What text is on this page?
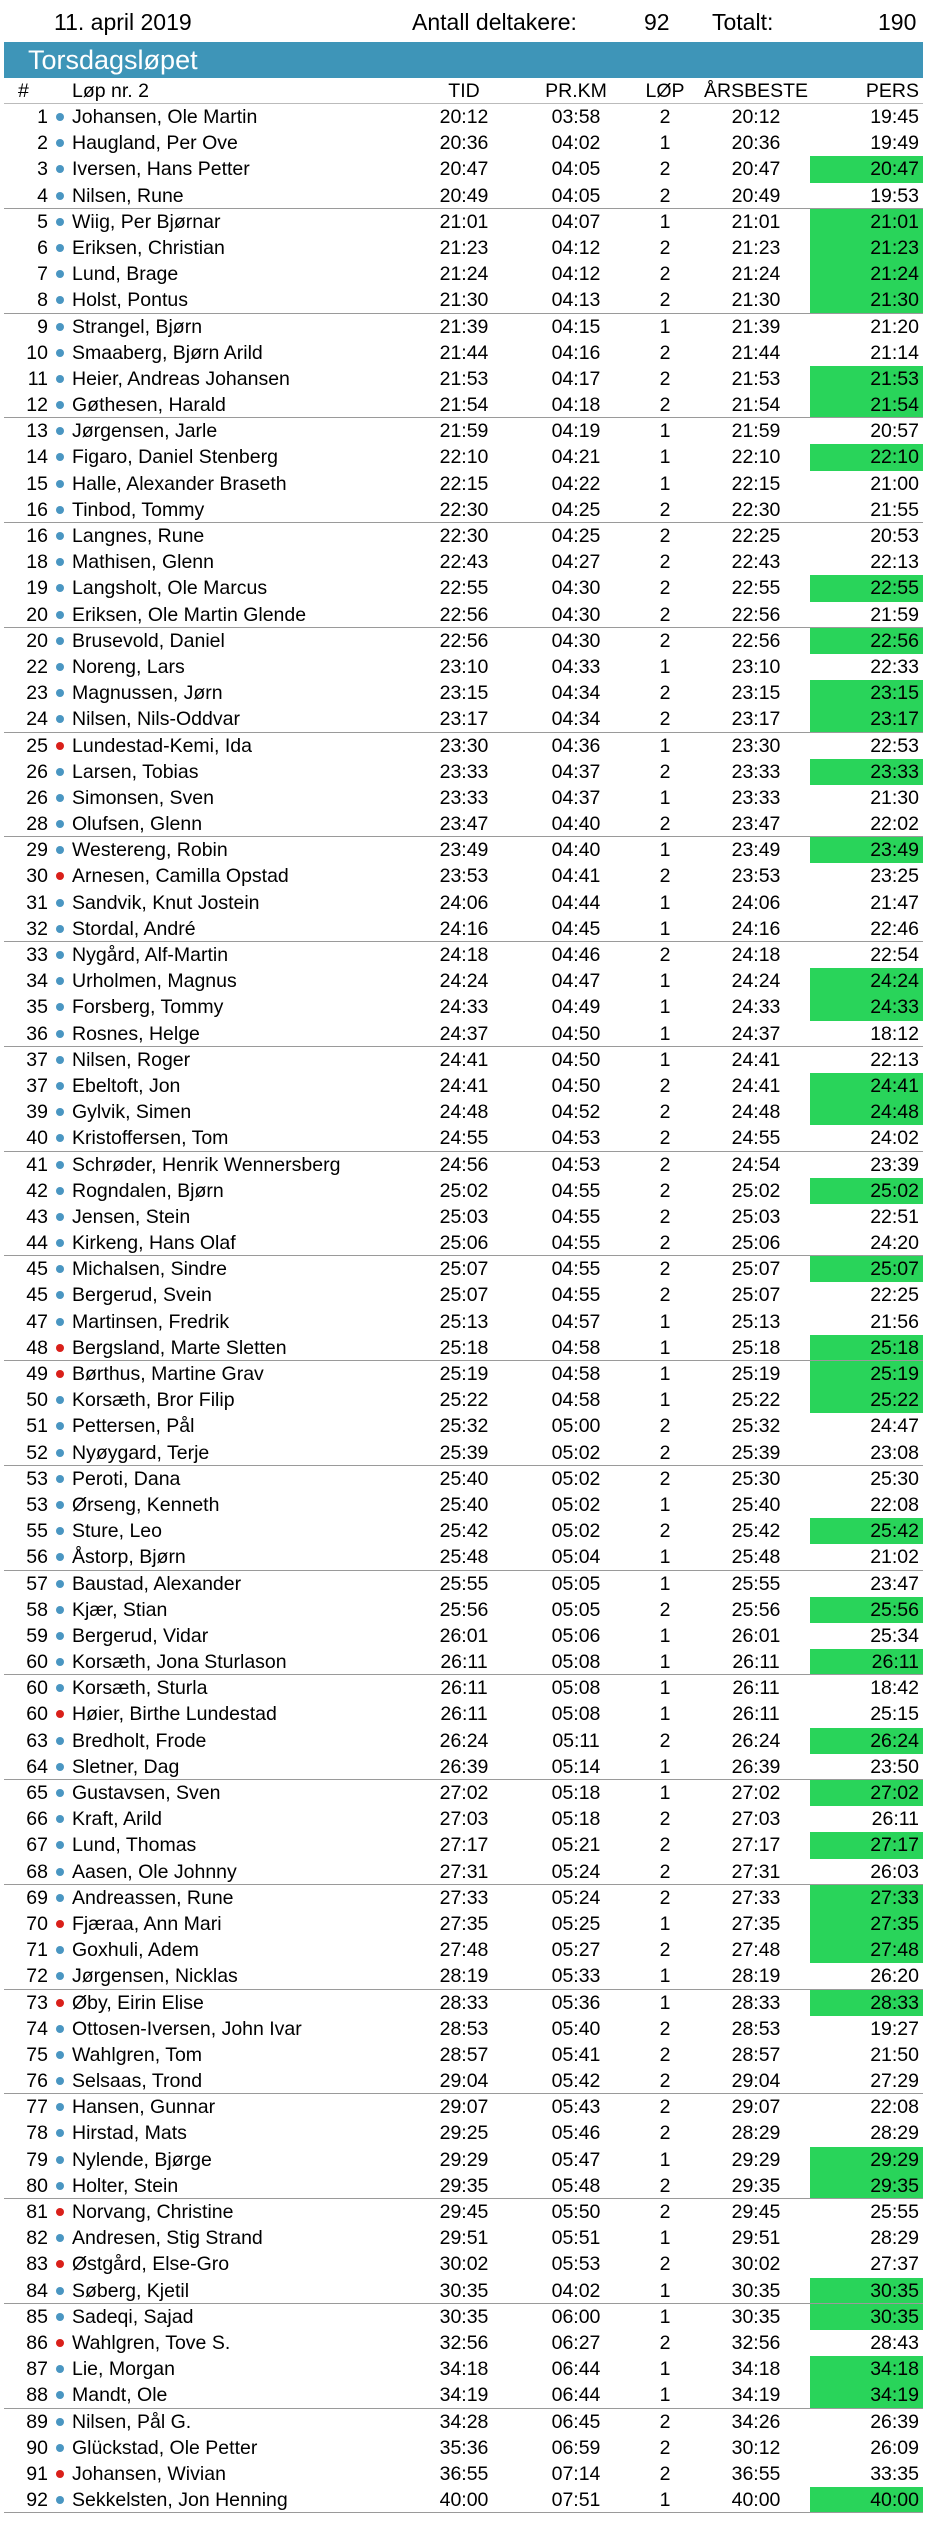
11. april 2019	Antall deltakere:	92 Totalt:	190
Torsdagsløpet
# Løp nr. 2	TID	PR.KM	LØP ÅRSBESTE	PERS
1 Johansen, Ole Martin	20:12	03:58	2	20:12	19:45
2 Haugland, Per Ove	20:36	04:02	1	20:36	19:49
3 Iversen, Hans Petter	20:47	04:05	2	20:47	20:47
4 Nilsen, Rune	20:49	04:05	2	20:49	19:53
5 Wiig, Per Bjørnar	21:01	04:07	1	21:01	21:01
6 Eriksen, Christian	21:23	04:12	2	21:23	21:23
7 Lund, Brage	21:24	04:12	2	21:24	21:24
8 Holst, Pontus	21:30	04:13	2	21:30	21:30
9 Strangel, Bjørn	21:39	04:15	1	21:39	21:20
10 Smaaberg, Bjørn Arild	21:44	04:16	2	21:44	21:14
11 Heier, Andreas Johansen	21:53	04:17	2	21:53	21:53
12 Gøthesen, Harald	21:54	04:18	2	21:54	21:54
13 Jørgensen, Jarle	21:59	04:19	1	21:59	20:57
14 Figaro, Daniel Stenberg	22:10	04:21	1	22:10	22:10
15 Halle, Alexander Braseth	22:15	04:22	1	22:15	21:00
16 Tinbod, Tommy	22:30	04:25	2	22:30	21:55
16 Langnes, Rune	22:30	04:25	2	22:25	20:53
18 Mathisen, Glenn	22:43	04:27	2	22:43	22:13
19 Langsholt, Ole Marcus	22:55	04:30	2	22:55	22:55
20 Eriksen, Ole Martin Glende	22:56	04:30	2	22:56	21:59
20 Brusevold, Daniel	22:56	04:30	2	22:56	22:56
22 Noreng, Lars	23:10	04:33	1	23:10	22:33
23 Magnussen, Jørn	23:15	04:34	2	23:15	23:15
24 Nilsen, Nils-Oddvar	23:17	04:34	2	23:17	23:17
25 Lundestad-Kemi, Ida	23:30	04:36	1	23:30	22:53
26 Larsen, Tobias	23:33	04:37	2	23:33	23:33
26 Simonsen, Sven	23:33	04:37	1	23:33	21:30
28 Olufsen, Glenn	23:47	04:40	2	23:47	22:02
29 Westereng, Robin	23:49	04:40	1	23:49	23:49
30 Arnesen, Camilla Opstad	23:53	04:41	2	23:53	23:25
31 Sandvik, Knut Jostein	24:06	04:44	1	24:06	21:47
32 Stordal, André	24:16	04:45	1	24:16	22:46
33 Nygård, Alf-Martin	24:18	04:46	2	24:18	22:54
34 Urholmen, Magnus	24:24	04:47	1	24:24	24:24
35 Forsberg, Tommy	24:33	04:49	1	24:33	24:33
36 Rosnes, Helge	24:37	04:50	1	24:37	18:12
37 Nilsen, Roger	24:41	04:50	1	24:41	22:13
37 Ebeltoft, Jon	24:41	04:50	2	24:41	24:41
39 Gylvik, Simen	24:48	04:52	2	24:48	24:48
40 Kristoffersen, Tom	24:55	04:53	2	24:55	24:02
41 Schrøder, Henrik Wennersberg	24:56	04:53	2	24:54	23:39
42 Rogndalen, Bjørn	25:02	04:55	2	25:02	25:02
43 Jensen, Stein	25:03	04:55	2	25:03	22:51
44 Kirkeng, Hans Olaf	25:06	04:55	2	25:06	24:20
45 Michalsen, Sindre	25:07	04:55	2	25:07	25:07
45 Bergerud, Svein	25:07	04:55	2	25:07	22:25
47 Martinsen, Fredrik	25:13	04:57	1	25:13	21:56
48 Bergsland, Marte Sletten	25:18	04:58	1	25:18	25:18
49 Børthus, Martine Grav	25:19	04:58	1	25:19	25:19
50 Korsæth, Bror Filip	25:22	04:58	1	25:22	25:22
51 Pettersen, Pål	25:32	05:00	2	25:32	24:47
52 Nyøygard, Terje	25:39	05:02	2	25:39	23:08
53 Peroti, Dana	25:40	05:02	2	25:30	25:30
53 Ørseng, Kenneth	25:40	05:02	1	25:40	22:08
55 Sture, Leo	25:42	05:02	2	25:42	25:42
56 Åstorp, Bjørn	25:48	05:04	1	25:48	21:02
57 Baustad, Alexander	25:55	05:05	1	25:55	23:47
58 Kjær, Stian	25:56	05:05	2	25:56	25:56
59 Bergerud, Vidar	26:01	05:06	1	26:01	25:34
60 Korsæth, Jona Sturlason	26:11	05:08	1	26:11	26:11
60 Korsæth, Sturla	26:11	05:08	1	26:11	18:42
60 Høier, Birthe Lundestad	26:11	05:08	1	26:11	25:15
63 Bredholt, Frode	26:24	05:11	2	26:24	26:24
64 Sletner, Dag	26:39	05:14	1	26:39	23:50
65 Gustavsen, Sven	27:02	05:18	1	27:02	27:02
66 Kraft, Arild	27:03	05:18	2	27:03	26:11
67 Lund, Thomas	27:17	05:21	2	27:17	27:17
68 Aasen, Ole Johnny	27:31	05:24	2	27:31	26:03
69 Andreassen, Rune	27:33	05:24	2	27:33	27:33
70 Fjæraa, Ann Mari	27:35	05:25	1	27:35	27:35
71 Goxhuli, Adem	27:48	05:27	2	27:48	27:48
72 Jørgensen, Nicklas	28:19	05:33	1	28:19	26:20
73 Øby, Eirin Elise	28:33	05:36	1	28:33	28:33
74 Ottosen-Iversen, John Ivar	28:53	05:40	2	28:53	19:27
75 Wahlgren, Tom	28:57	05:41	2	28:57	21:50
76 Selsaas, Trond	29:04	05:42	2	29:04	27:29
77 Hansen, Gunnar	29:07	05:43	2	29:07	22:08
78 Hirstad, Mats	29:25	05:46	2	28:29	28:29
79 Nylende, Bjørge	29:29	05:47	1	29:29	29:29
80 Holter, Stein	29:35	05:48	2	29:35	29:35
81 Norvang, Christine	29:45	05:50	2	29:45	25:55
82 Andresen, Stig Strand	29:51	05:51	1	29:51	28:29
83 Østgård, Else-Gro	30:02	05:53	2	30:02	27:37
84 Søberg, Kjetil	30:35	04:02	1	30:35	30:35
85 Sadeqi, Sajad	30:35	06:00	1	30:35	30:35
86 Wahlgren, Tove S.	32:56	06:27	2	32:56	28:43
87 Lie, Morgan	34:18	06:44	1	34:18	34:18
88 Mandt, Ole	34:19	06:44	1	34:19	34:19
89 Nilsen, Pål G.	34:28	06:45	2	34:26	26:39
90 Glückstad, Ole Petter	35:36	06:59	2	30:12	26:09
91 Johansen, Wivian	36:55	07:14	2	36:55	33:35
92 Sekkelsten, Jon Henning	40:00	07:51	1	40:00	40:00
